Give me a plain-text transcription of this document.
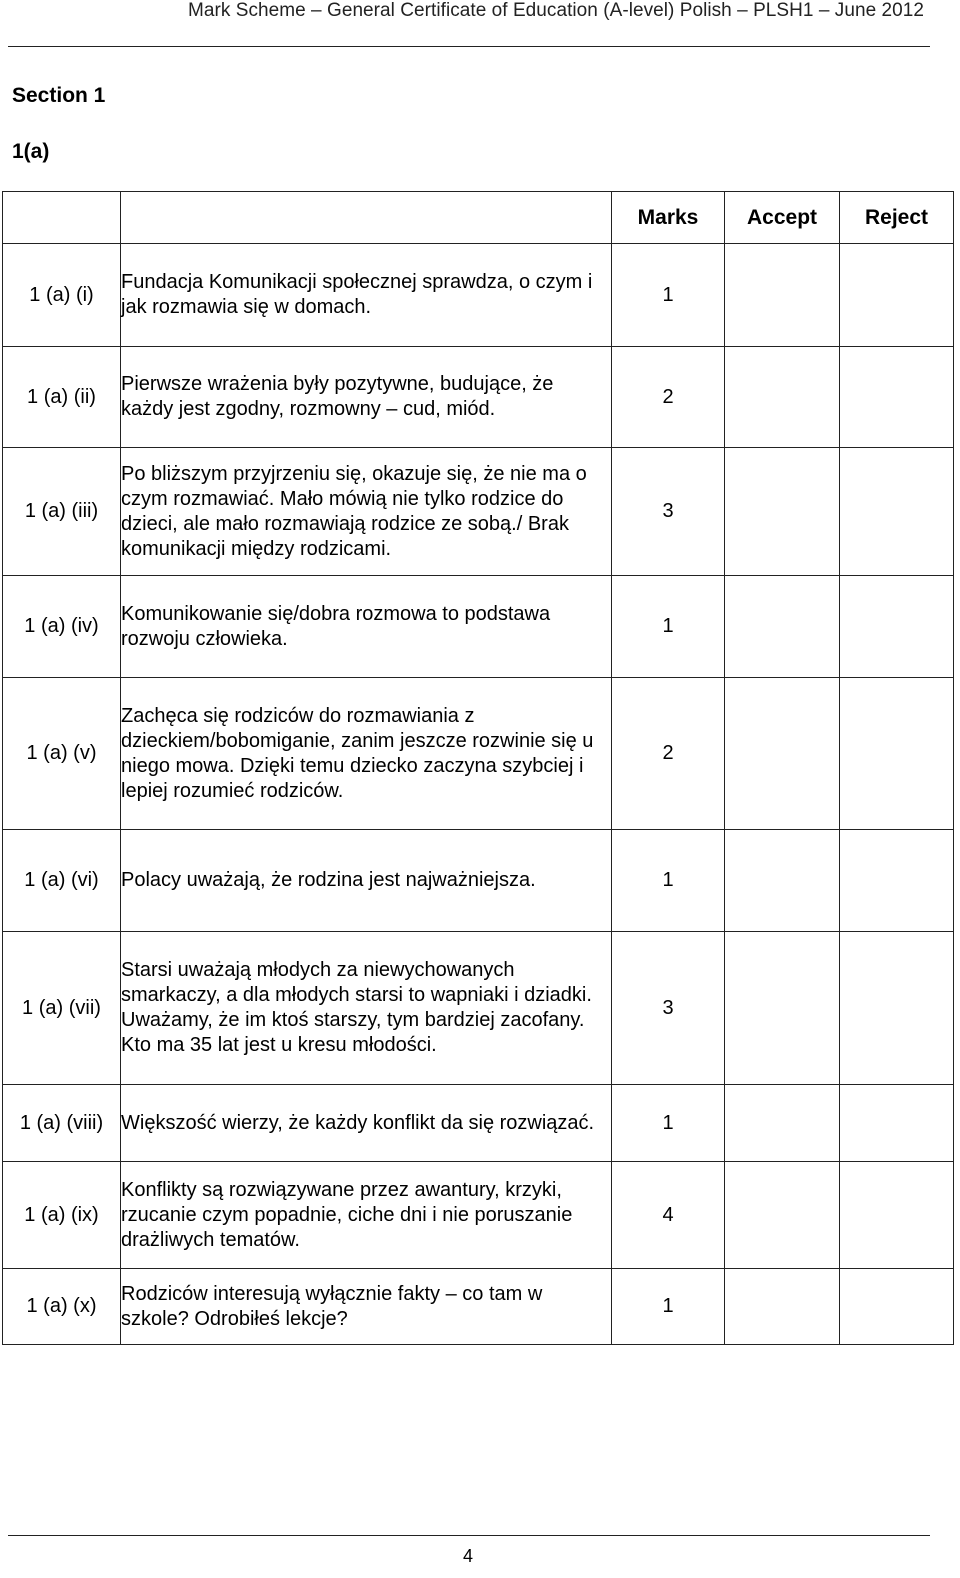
Mark Scheme – General Certificate of Education (A-level) Polish – PLSH1 – June 2012
Section 1
1(a)
		Marks	Accept	Reject
1 (a) (i)	Fundacja Komunikacji społecznej sprawdza, o czym i jak rozmawia się w domach.	1		
1 (a) (ii)	Pierwsze wrażenia były pozytywne, budujące, że każdy jest zgodny, rozmowny – cud, miód.	2		
1 (a) (iii)	Po bliższym przyjrzeniu się, okazuje się, że nie ma o czym rozmawiać. Mało mówią nie tylko rodzice do dzieci, ale mało rozmawiają rodzice ze sobą./ Brak komunikacji między rodzicami.	3		
1 (a) (iv)	Komunikowanie się/dobra rozmowa to podstawa rozwoju człowieka.	1		
1 (a) (v)	Zachęca się rodziców do rozmawiania z dzieckiem/bobomiganie, zanim jeszcze rozwinie się u niego mowa. Dzięki temu dziecko zaczyna szybciej i lepiej rozumieć rodziców.	2		
1 (a) (vi)	Polacy uważają, że rodzina jest najważniejsza.	1		
1 (a) (vii)	Starsi uważają młodych za niewychowanych smarkaczy, a dla młodych starsi to wapniaki i dziadki. Uważamy, że im ktoś starszy, tym bardziej zacofany. Kto ma 35 lat jest u kresu młodości.	3		
1 (a) (viii)	Większość wierzy, że każdy konflikt da się rozwiązać.	1		
1 (a) (ix)	Konflikty są rozwiązywane przez awantury, krzyki, rzucanie czym popadnie, ciche dni i nie poruszanie drażliwych tematów.	4		
1 (a) (x)	Rodziców interesują wyłącznie fakty – co tam w szkole? Odrobiłeś lekcje?	1		
4
